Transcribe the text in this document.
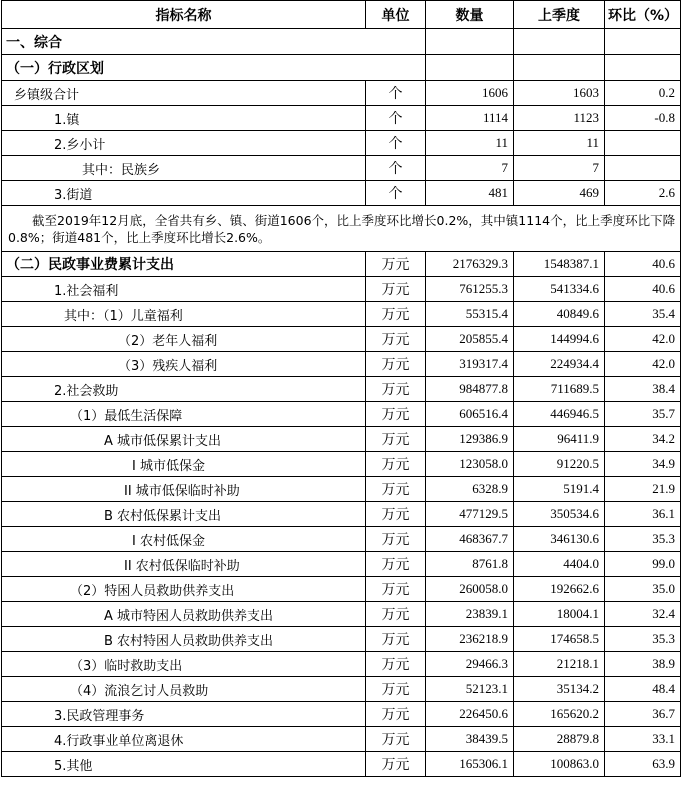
指标名称	单位	数量	上季度	环比（%）
一、综合				
（一）行政区划				
乡镇级合计	个	1606	1603	0.2
1.镇	个	1114	1123	-0.8
2.乡小计	个	11	11	
其中：民族乡	个	7	7	
3.街道	个	481	469	2.6
截至2019年12月底，全省共有乡、镇、街道1606个，比上季度环比增长0.2%，其中镇1114个，比上季度环比下降0.8%；街道481个，比上季度环比增长2.6%。				
（二）民政事业费累计支出	万元	2176329.3	1548387.1	40.6
1.社会福利	万元	761255.3	541334.6	40.6
其中：（1）儿童福利	万元	55315.4	40849.6	35.4
（2）老年人福利	万元	205855.4	144994.6	42.0
（3）残疾人福利	万元	319317.4	224934.4	42.0
2.社会救助	万元	984877.8	711689.5	38.4
（1）最低生活保障	万元	606516.4	446946.5	35.7
A 城市低保累计支出	万元	129386.9	96411.9	34.2
I 城市低保金	万元	123058.0	91220.5	34.9
II 城市低保临时补助	万元	6328.9	5191.4	21.9
B 农村低保累计支出	万元	477129.5	350534.6	36.1
I 农村低保金	万元	468367.7	346130.6	35.3
II 农村低保临时补助	万元	8761.8	4404.0	99.0
（2）特困人员救助供养支出	万元	260058.0	192662.6	35.0
A 城市特困人员救助供养支出	万元	23839.1	18004.1	32.4
B 农村特困人员救助供养支出	万元	236218.9	174658.5	35.3
（3）临时救助支出	万元	29466.3	21218.1	38.9
（4）流浪乞讨人员救助	万元	52123.1	35134.2	48.4
3.民政管理事务	万元	226450.6	165620.2	36.7
4.行政事业单位离退休	万元	38439.5	28879.8	33.1
5.其他	万元	165306.1	100863.0	63.9
